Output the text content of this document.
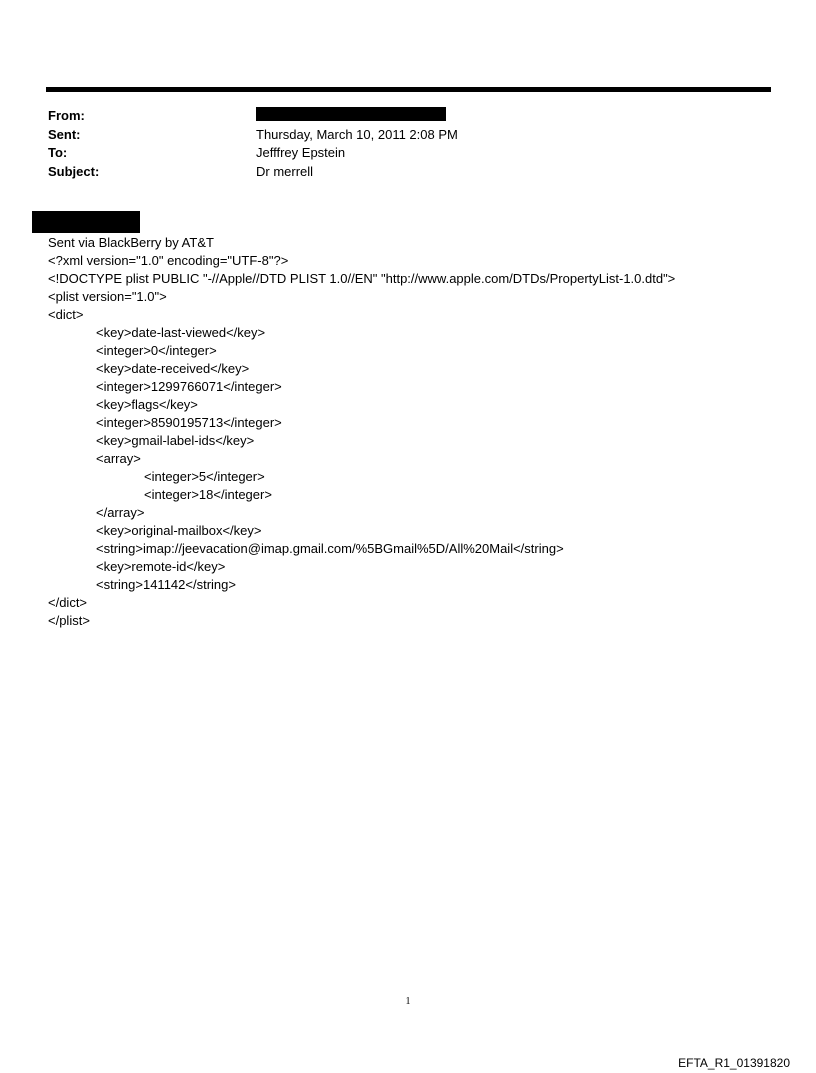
From:
Sent:	Thursday, March 10, 2011 2:08 PM
To:	Jefffrey Epstein
Subject:	Dr merrell
Sent via BlackBerry by AT&T
<?xml version="1.0" encoding="UTF-8"?>
<!DOCTYPE plist PUBLIC "-//Apple//DTD PLIST 1.0//EN" "http://www.apple.com/DTDs/PropertyList-1.0.dtd">
<plist version="1.0">
<dict>
<key>date-last-viewed</key>
<integer>0</integer>
<key>date-received</key>
<integer>1299766071</integer>
<key>flags</key>
<integer>8590195713</integer>
<key>gmail-label-ids</key>
<array>
<integer>5</integer>
<integer>18</integer>
</array>
<key>original-mailbox</key>
<string>imap://jeevacation@imap.gmail.com/%5BGmail%5D/All%20Mail</string>
<key>remote-id</key>
<string>141142</string>
</dict>
</plist>
1
EFTA_R1_01391820
